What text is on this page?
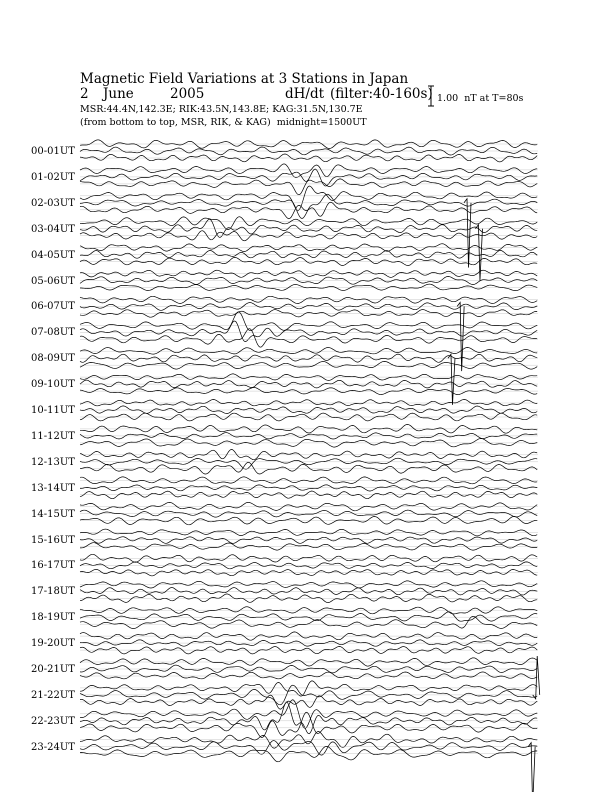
Magnetic Field Variations at 3 Stations in Japan
2 June	2005	dH/dt (filter:40-160s)
MSR:44.4N,142.3E; RIK:43.5N,143.8E; KAG:31.5N,130.7E
(from bottom to top, MSR, RIK, & KAG) midnight=1500UT
1.00  nT at T=80s
00-01UT
01-02UT
02-03UT
03-04UT
04-05UT
05-06UT
06-07UT
07-08UT
08-09UT
09-10UT
10-11UT
11-12UT
12-13UT
13-14UT
14-15UT
15-16UT
16-17UT
17-18UT
18-19UT
19-20UT
20-21UT
21-22UT
22-23UT
23-24UT
